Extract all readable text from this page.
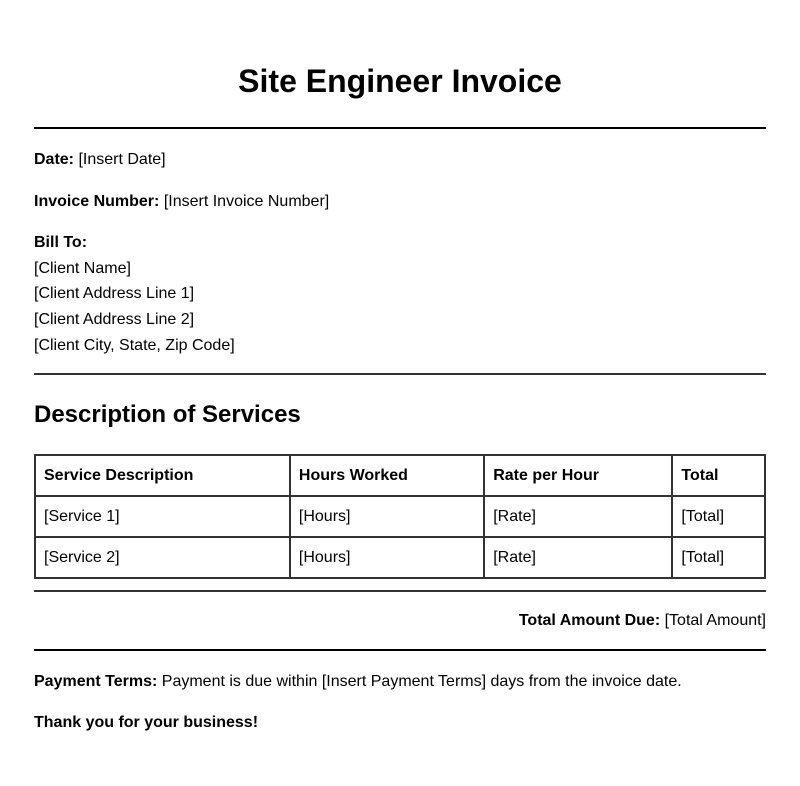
Site Engineer Invoice
Date: [Insert Date]
Invoice Number: [Insert Invoice Number]
Bill To:
[Client Name]
[Client Address Line 1]
[Client Address Line 2]
[Client City, State, Zip Code]
Description of Services
Service Description	Hours Worked	Rate per Hour	Total
[Service 1]	[Hours]	[Rate]	[Total]
[Service 2]	[Hours]	[Rate]	[Total]
Total Amount Due: [Total Amount]
Payment Terms: Payment is due within [Insert Payment Terms] days from the invoice date.
Thank you for your business!
